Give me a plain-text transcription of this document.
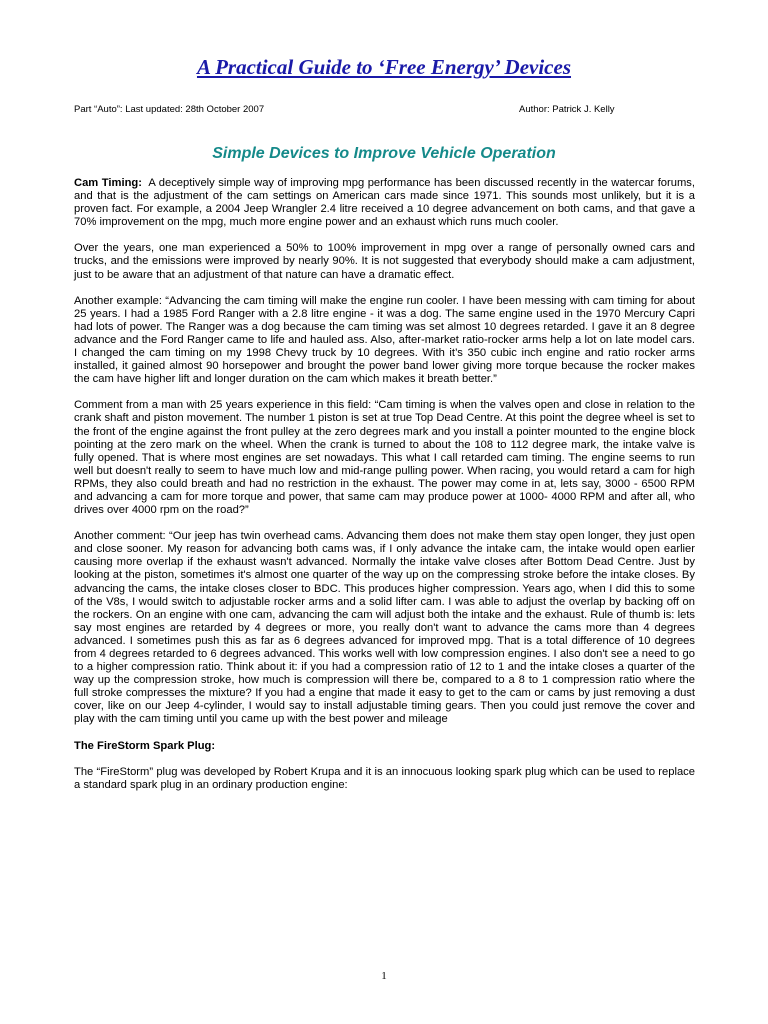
A Practical Guide to ‘Free Energy’ Devices
Part “Auto”: Last updated: 28th October 2007	Author: Patrick J. Kelly
Simple Devices to Improve Vehicle Operation

Cam Timing: A deceptively simple way of improving mpg performance has been discussed recently in the watercar forums, and that is the adjustment of the cam settings on American cars made since 1971. This sounds most unlikely, but it is a proven fact. For example, a 2004 Jeep Wrangler 2.4 litre received a 10 degree advancement on both cams, and that gave a 70% improvement on the mpg, much more engine power and an exhaust which runs much cooler.

Over the years, one man experienced a 50% to 100% improvement in mpg over a range of personally owned cars and trucks, and the emissions were improved by nearly 90%. It is not suggested that everybody should make a cam adjustment, just to be aware that an adjustment of that nature can have a dramatic effect.

Another example: “Advancing the cam timing will make the engine run cooler. I have been messing with cam timing for about 25 years. I had a 1985 Ford Ranger with a 2.8 litre engine - it was a dog. The same engine used in the 1970 Mercury Capri had lots of power. The Ranger was a dog because the cam timing was set almost 10 degrees retarded. I gave it an 8 degree advance and the Ford Ranger came to life and hauled ass. Also, after-market ratio-rocker arms help a lot on late model cars. I changed the cam timing on my 1998 Chevy truck by 10 degrees. With it’s 350 cubic inch engine and ratio rocker arms installed, it gained almost 90 horsepower and brought the power band lower giving more torque because the rocker makes the cam have higher lift and longer duration on the cam which makes it breath better.”

Comment from a man with 25 years experience in this field: “Cam timing is when the valves open and close in relation to the crank shaft and piston movement. The number 1 piston is set at true Top Dead Centre. At this point the degree wheel is set to the front of the engine against the front pulley at the zero degrees mark and you install a pointer mounted to the engine block pointing at the zero mark on the wheel. When the crank is turned to about the 108 to 112 degree mark, the intake valve is fully opened. That is where most engines are set nowadays. This what I call retarded cam timing. The engine seems to run well but doesn't really to seem to have much low and mid-range pulling power. When racing, you would retard a cam for high RPMs, they also could breath and had no restriction in the exhaust. The power may come in at, lets say, 3000 - 6500 RPM and advancing a cam for more torque and power, that same cam may produce power at 1000- 4000 RPM and after all, who drives over 4000 rpm on the road?”

Another comment: “Our jeep has twin overhead cams. Advancing them does not make them stay open longer, they just open and close sooner. My reason for advancing both cams was, if I only advance the intake cam, the intake would open earlier causing more overlap if the exhaust wasn't advanced. Normally the intake valve closes after Bottom Dead Centre. Just by looking at the piston, sometimes it's almost one quarter of the way up on the compressing stroke before the intake closes. By advancing the cams, the intake closes closer to BDC. This produces higher compression. Years ago, when I did this to some of the V8s, I would switch to adjustable rocker arms and a solid lifter cam. I was able to adjust the overlap by backing off on the rockers. On an engine with one cam, advancing the cam will adjust both the intake and the exhaust. Rule of thumb is: lets say most engines are retarded by 4 degrees or more, you really don't want to advance the cams more than 4 degrees advanced. I sometimes push this as far as 6 degrees advanced for improved mpg. That is a total difference of 10 degrees from 4 degrees retarded to 6 degrees advanced. This works well with low compression engines. I also don't see a need to go to a higher compression ratio. Think about it: if you had a compression ratio of 12 to 1 and the intake closes a quarter of the way up the compression stroke, how much is compression will there be, compared to a 8 to 1 compression ratio where the full stroke compresses the mixture? If you had a engine that made it easy to get to the cam or cams by just removing a dust cover, like on our Jeep 4-cylinder, I would say to install adjustable timing gears. Then you could just remove the cover and play with the cam timing until you came up with the best power and mileage

The FireStorm Spark Plug:

The “FireStorm” plug was developed by Robert Krupa and it is an innocuous looking spark plug which can be used to replace a standard spark plug in an ordinary production engine:

1
